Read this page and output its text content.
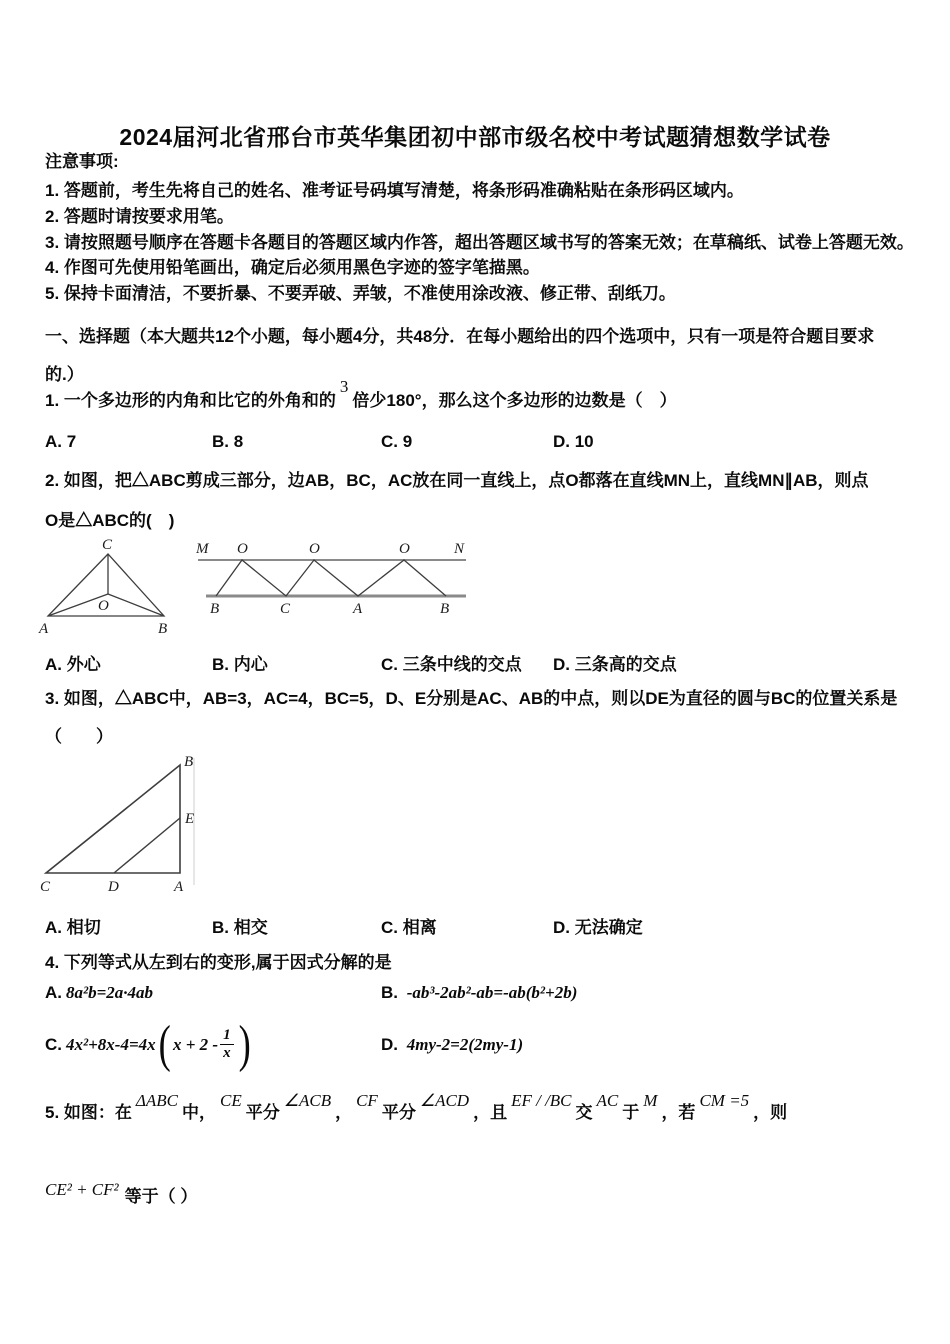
2024届河北省邢台市英华集团初中部市级名校中考试题猜想数学试卷
注意事项:
1. 答题前，考生先将自己的姓名、准考证号码填写清楚，将条形码准确粘贴在条形码区域内。
2. 答题时请按要求用笔。
3. 请按照题号顺序在答题卡各题目的答题区域内作答，超出答题区域书写的答案无效；在草稿纸、试卷上答题无效。
4. 作图可先使用铅笔画出，确定后必须用黑色字迹的签字笔描黑。
5. 保持卡面清洁，不要折暴、不要弄破、弄皱，不准使用涂改液、修正带、刮纸刀。
一、选择题（本大题共12个小题，每小题4分，共48分．在每小题给出的四个选项中，只有一项是符合题目要求
的.）
1. 一个多边形的内角和比它的外角和的3倍少180°，那么这个多边形的边数是（　）
A. 7	B. 8	C. 9	D. 10
2. 如图，把△ABC剪成三部分，边AB，BC，AC放在同一直线上，点O都落在直线MN上，直线MN∥AB，则点
O是△ABC的(　)
C
O
A	B
M O	O	O	N
B	C	A	B
A. 外心	B. 内心	C. 三条中线的交点	D. 三条高的交点
3. 如图，△ABC中，AB=3，AC=4，BC=5，D、E分别是AC、AB的中点，则以DE为直径的圆与BC的位置关系是
（　　）
B
E
C	D	A
A. 相切	B. 相交	C. 相离	D. 无法确定
4. 下列等式从左到右的变形,属于因式分解的是
A. 8a²b=2a·4ab	B. -ab³-2ab²-ab=-ab(b²+2b)
C. 4x²+8x-4=4x ( $x + 2 - \frac{1}{x}$ )	D. 4my-2=2(2my-1)
5. 如图：在ΔABC中，CE平分∠ACB，CF平分∠ACD，且EF / /BC交AC于M，若CM =5，则
CE² + CF² 等于（ ）
